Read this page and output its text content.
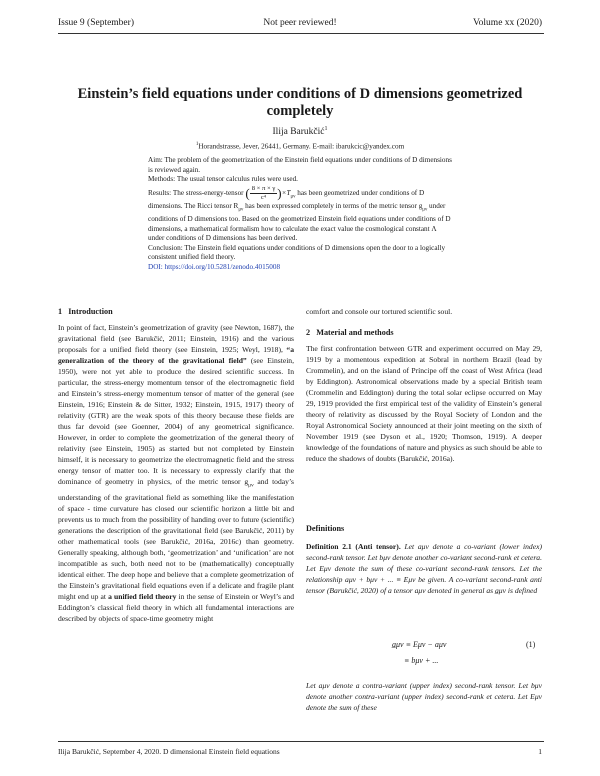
Issue 9 (September)	Not peer reviewed!	Volume xx (2020)
Einstein’s field equations under conditions of D dimensions geometrized completely
Ilija Barukčić$^1$
$^1$Horandstrasse, Jever, 26441, Germany. E-mail: ibarukcic@yandex.com

Aim: The problem of the geometrization of the Einstein field equations under conditions of D dimensions is reviewed again.

Methods: The usual tensor calculus rules were used.

Results: The stress-energy-tensor ( $\frac{8 \times \pi \times \gamma}{\text{c⁴}} )\times T_{\mu\nu}$ has been geometrized under conditions of D dimensions. The Ricci tensor $R_{\mu\nu}$ has been expressed completely in terms of the metric tensor $g_{\mu\nu}$ under conditions of D dimensions too. Based on the geometrized Einstein field equations under conditions of D dimensions, a mathematical formalism how to calculate the exact value the cosmological constant Λ under conditions of D dimensions has been derived.

Conclusion: The Einstein field equations under conditions of D dimensions open the door to a logically consistent unified field theory.

DOI: https://doi.org/10.5281/zenodo.4015008

1 Introduction

In point of fact, Einstein’s geometrization of gravity (see Newton, 1687), the gravitational field (see Barukčić, 2011; Einstein, 1916) and the various proposals for a unified field theory (see Einstein, 1925; Weyl, 1918), “a generalization of the theory of the gravitational field” (see Einstein, 1950), were not yet able to produce the desired scientific success. In particular, the stress-energy momentum tensor of the electromagnetic field and Einstein’s stress-energy momentum tensor of matter of the general (see Einstein, 1916; Einstein & de Sitter, 1932; Einstein, 1915, 1917) theory of relativity (GTR) are the weak spots of this theory because these fields are thus far devoid (see Goenner, 2004) of any geometrical significance. However, in order to complete the geometrization of the general theory of relativity (see Einstein, 1905) as started but not completed by Einstein himself, it is necessary to geometrize the electromagnetic field and the stress energy tensor of matter too. It is necessary to expressly clarify that the dominance of geometry in physics, of the metric tensor $g_{\mu\nu}$ and today’s understanding of the gravitational field as something like the manifestation of space - time curvature has closed our scientific horizon a little bit and prevents us to much from the possibility of handing over to future (scientific) generations the description of the gravitational field (see Barukčić, 2011) by other mathematical tools (see Barukčić, 2016a, 2016c) than geometry. Generally speaking, although both, ‘geometrization’ and ‘unification’ are not incompatible as such, both need not to be (mathematically) conceptually identical either. The deep hope and believe that a complete geometrization of the Einstein’s gravitational field equations even if a delicate and fragile plant might end up at a unified field theory in the sense of Einstein or Weyl’s and Eddington’s classical field theory in which all fundamental interactions are described by objects of space-time geometry might

comfort and console our tortured scientific soul.
2 Material and methods
The first confrontation between GTR and experiment occurred on May 29, 1919 by a momentous expedition at Sobral in northern Brazil (lead by Crommelin), and on the island of Príncipe off the coast of West Africa (lead by Eddington). Astronomical observations made by a special British team (Crommelin and Eddington) during the total solar eclipse occurred on May 29, 1919 provided the first empirical test of the validity of Einstein’s general theory of relativity as discussed by the Royal Society of London and the Royal Astronomical Society announced at their joint meeting on the sixth of November 1919 (see Dyson et al., 1920; Thomson, 1919). A deeper knowledge of the foundations of nature and physics as such should be able to reduce the shadows of doubts (Barukčić, 2016a).
Definitions
Definition 2.1 (Anti tensor). Let aμν denote a co-variant (lower index) second-rank tensor. Let bμν denote another co-variant second-rank et cetera. Let Eμν denote the sum of these co-variant second-rank tensors. Let the relationship aμν + bμν + ... ≡ Eμν be given. A co-variant second-rank anti tensor (Barukčić, 2020) of a tensor aμν denoted in general as a̲μν is defined
a̲μν ≡ Eμν − aμν
≡ bμν + ...
(1)
Let aμν denote a contra-variant (upper index) second-rank tensor. Let bμν denote another contra-variant (upper index) second-rank et cetera. Let Eμν denote the sum of these
Ilija Barukčić, September 4, 2020. D dimensional Einstein field equations	1
